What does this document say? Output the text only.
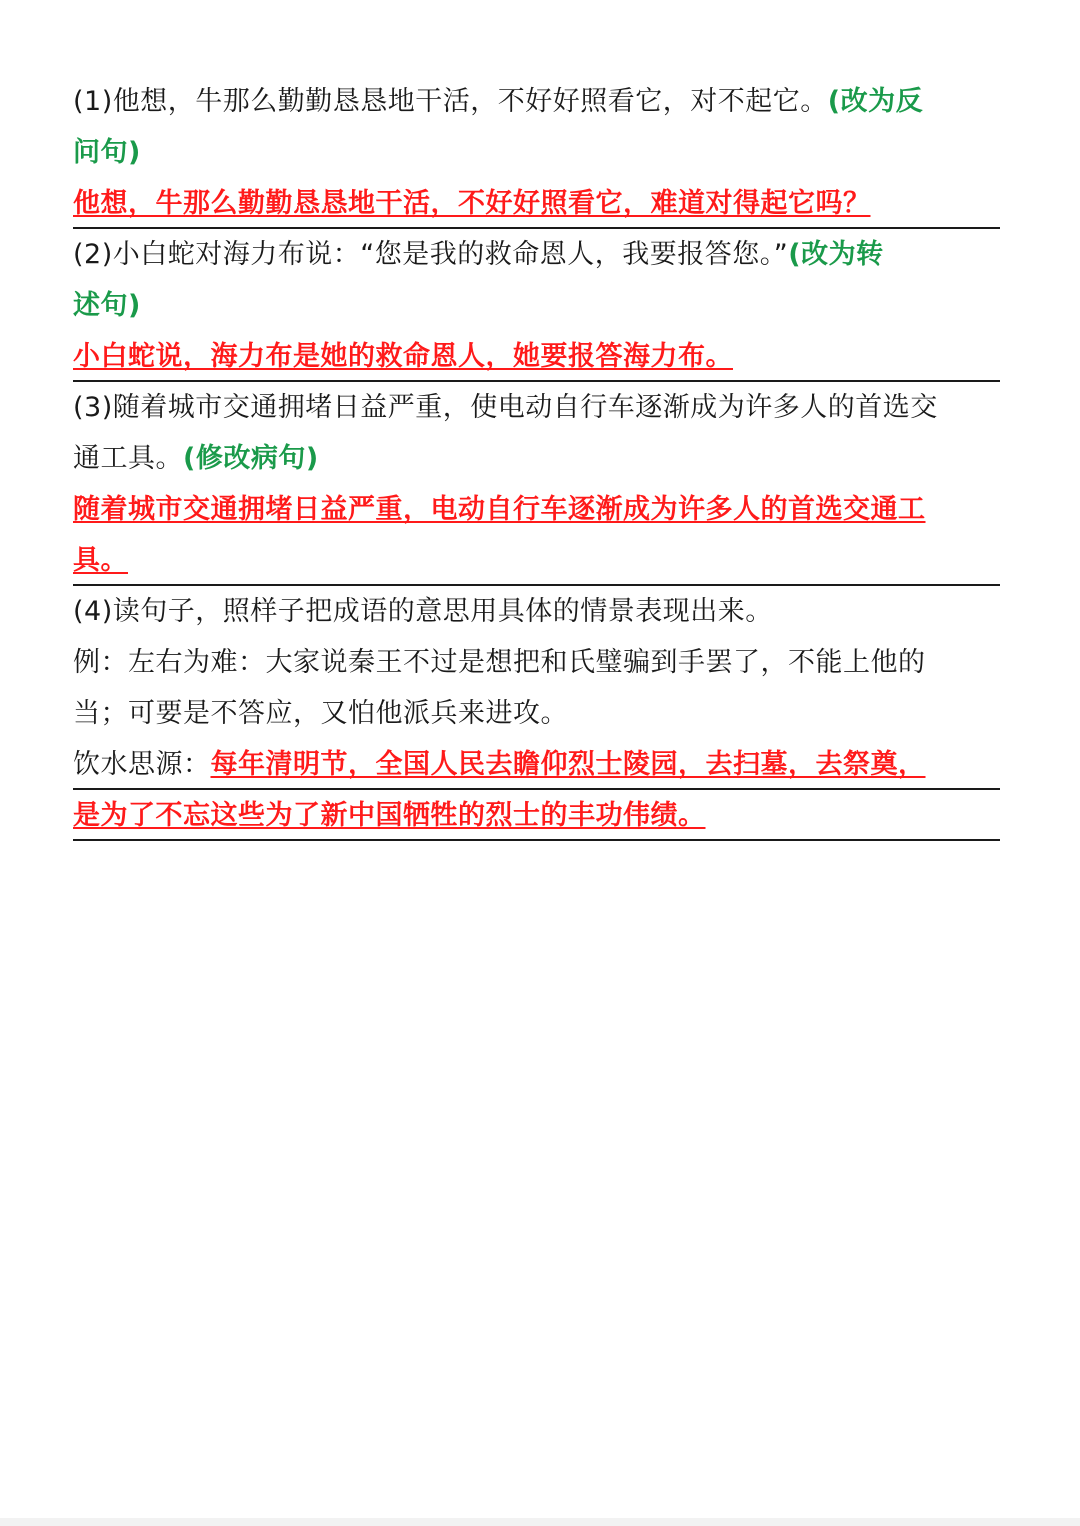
(1)他想，牛那么勤勤恳恳地干活，不好好照看它，对不起它。(改为反
问句)
他想，牛那么勤勤恳恳地干活，不好好照看它，难道对得起它吗？
(2)小白蛇对海力布说：“您是我的救命恩人，我要报答您。”(改为转
述句)
小白蛇说，海力布是她的救命恩人，她要报答海力布。
(3)随着城市交通拥堵日益严重，使电动自行车逐渐成为许多人的首选交
通工具。(修改病句)
随着城市交通拥堵日益严重，电动自行车逐渐成为许多人的首选交通工
具。
(4)读句子，照样子把成语的意思用具体的情景表现出来。
例：左右为难：大家说秦王不过是想把和氏璧骗到手罢了，不能上他的
当；可要是不答应，又怕他派兵来进攻。
饮水思源：每年清明节，全国人民去瞻仰烈士陵园，去扫墓，去祭奠，
是为了不忘这些为了新中国牺牲的烈士的丰功伟绩。
